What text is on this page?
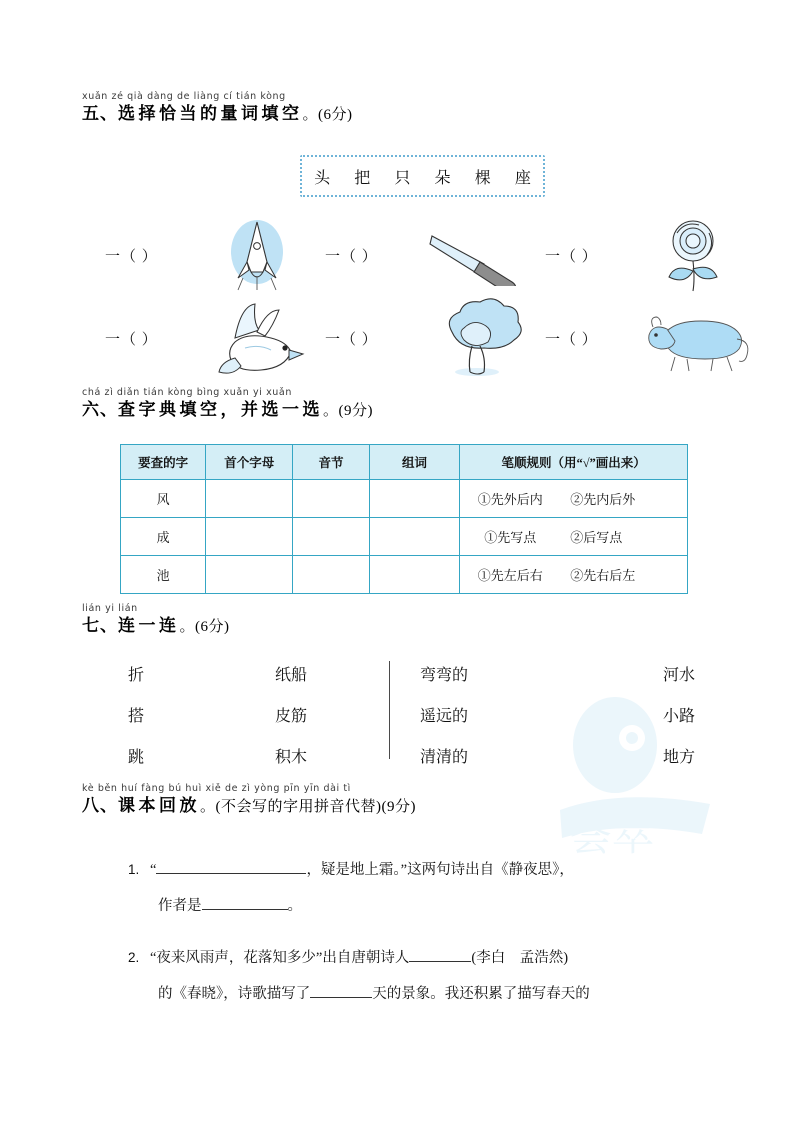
荟萃
xuǎn zé qià dàng de liàng cí tián kòng
五、选择恰当的量词填空。(6分)
头 把 只 朵 棵 座
一（ ）	一（ ）	一（ ）
一（ ）	一（ ）	一（ ）
chá zì diǎn tián kòng bìng xuǎn yi xuǎn
六、查字典填空，并选一选。(9分)
要查的字	首个字母	音节	组词	笔顺规则（用“√”画出来）
风				①先外后内 ②先内后外

成				①先写点 ②后写点

池				①先左后右 ②先右后左
lián yi lián
七、连一连。(6分)
折
搭
跳
纸船
皮筋
积木
弯弯的
遥远的
清清的
河水
小路
地方
kè běn huí fàng bú huì xiě de zì yòng pīn yīn dài tì
八、课本回放。(不会写的字用拼音代替)(9分)
1. “	，疑是地上霜。”这两句诗出自《静夜思》，
作者是	。
2. “夜来风雨声，花落知多少”出自唐朝诗人	(李白　孟浩然)
的《春晓》，诗歌描写了	天的景象。我还积累了描写春天的
